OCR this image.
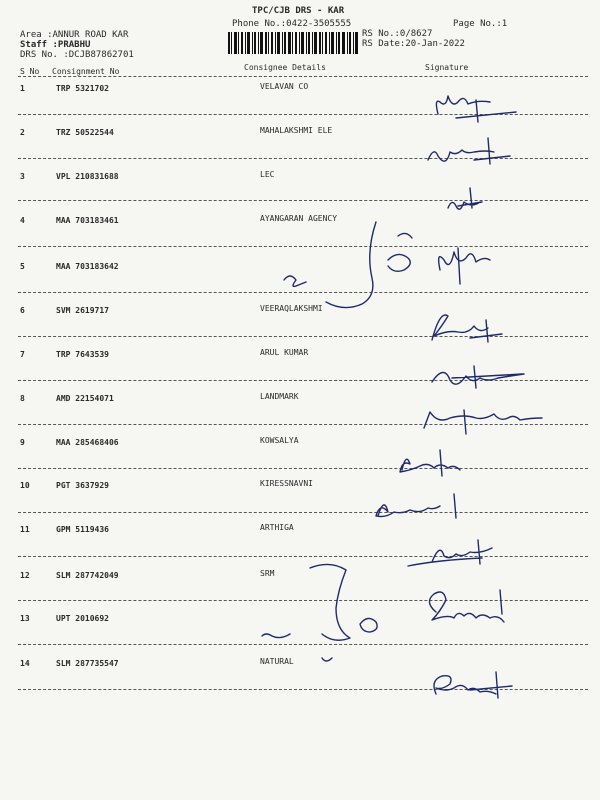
TPC/CJB DRS - KAR
Phone No.:0422-3505555	Page No.:1
Area :ANNUR ROAD KAR
Staff :PRABHU
DRS No. :DCJB87862701
RS No.:0/8627
RS Date:20-Jan-2022
S No Consignment No	Consignee Details	Signature
1	TRP 5321702	VELAVAN CO
2	TRZ 50522544	MAHALAKSHMI ELE
3	VPL 210831688	LEC
4	MAA 703183461	AYANGARAN AGENCY
5	MAA 703183642
6	SVM 2619717	VEERAQLAKSHMI
7	TRP 7643539	ARUL KUMAR
8	AMD 22154071	LANDMARK
9	MAA 285468406	KOWSALYA
10	PGT 3637929	KIRESSNAVNI
11	GPM 5119436	ARTHIGA
12	SLM 287742049	SRM
13	UPT 2010692
14	SLM 287735547	NATURAL
